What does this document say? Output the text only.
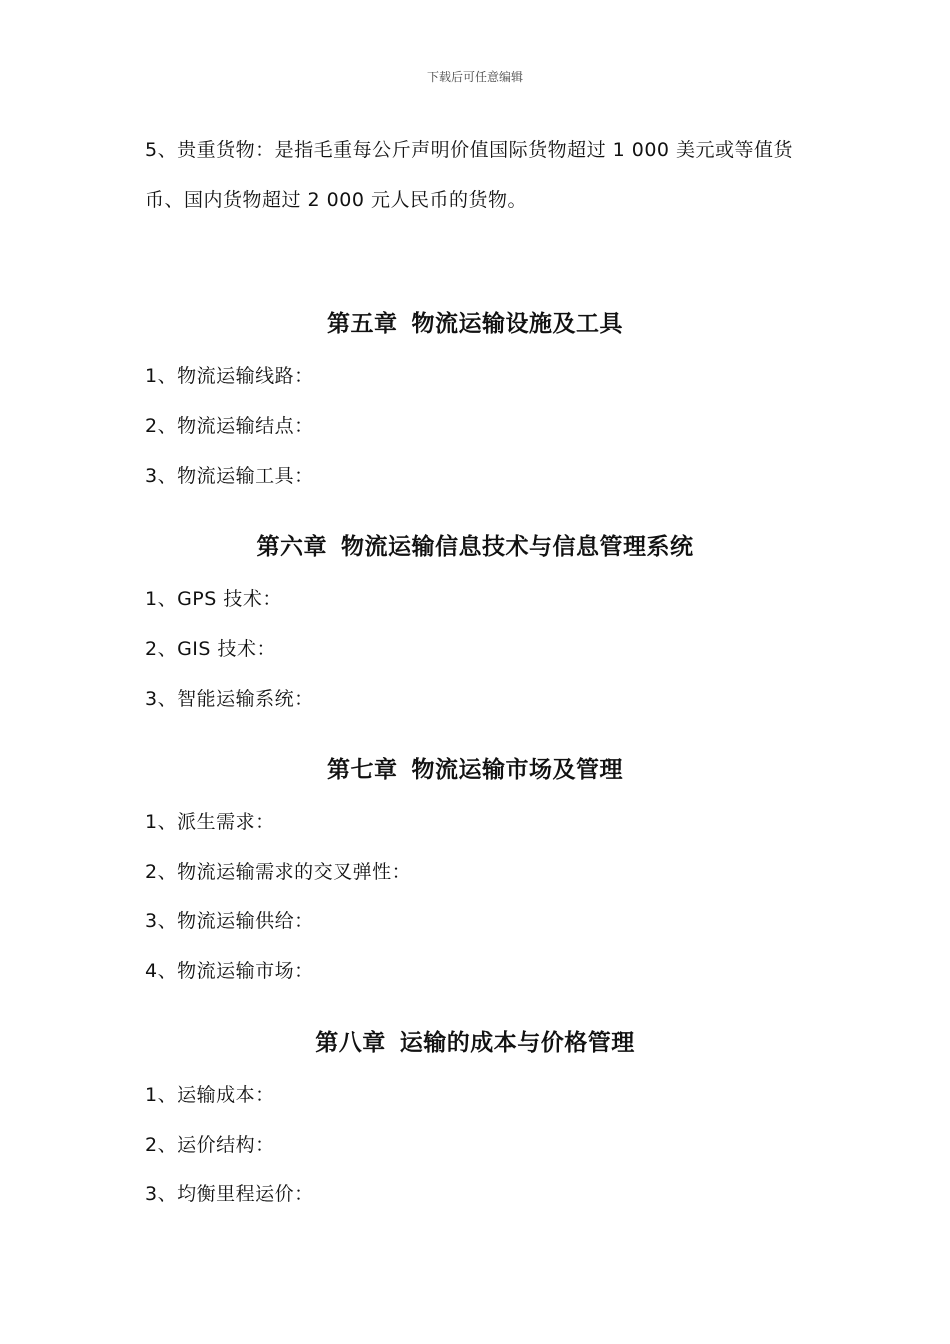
下载后可任意编辑

5、贵重货物：是指毛重每公斤声明价值国际货物超过 1 000 美元或等值货币、国内货物超过 2 000 元人民币的货物。

第五章 物流运输设施及工具
1、物流运输线路：
2、物流运输结点：
3、物流运输工具：
第六章 物流运输信息技术与信息管理系统
1、GPS 技术：
2、GIS 技术：
3、智能运输系统：
第七章 物流运输市场及管理
1、派生需求：
2、物流运输需求的交叉弹性：
3、物流运输供给：
4、物流运输市场：
第八章 运输的成本与价格管理
1、运输成本：
2、运价结构：
3、均衡里程运价：
